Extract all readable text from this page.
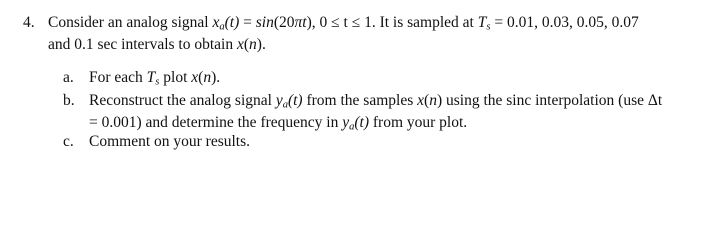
4. Consider an analog signal $x_a(t) = \sin(20\pi t)$, 0 ≤ t ≤ 1. It is sampled at $T_s = 0.01$, 0.03, 0.05, 0.07
and 0.1 sec intervals to obtain x(n).
a. For each $T_s$ plot x(n).
b. Reconstruct the analog signal $y_a(t)$ from the samples x(n) using the sinc interpolation (use Δt
= 0.001) and determine the frequency in $y_a(t)$ from your plot.
c. Comment on your results.
